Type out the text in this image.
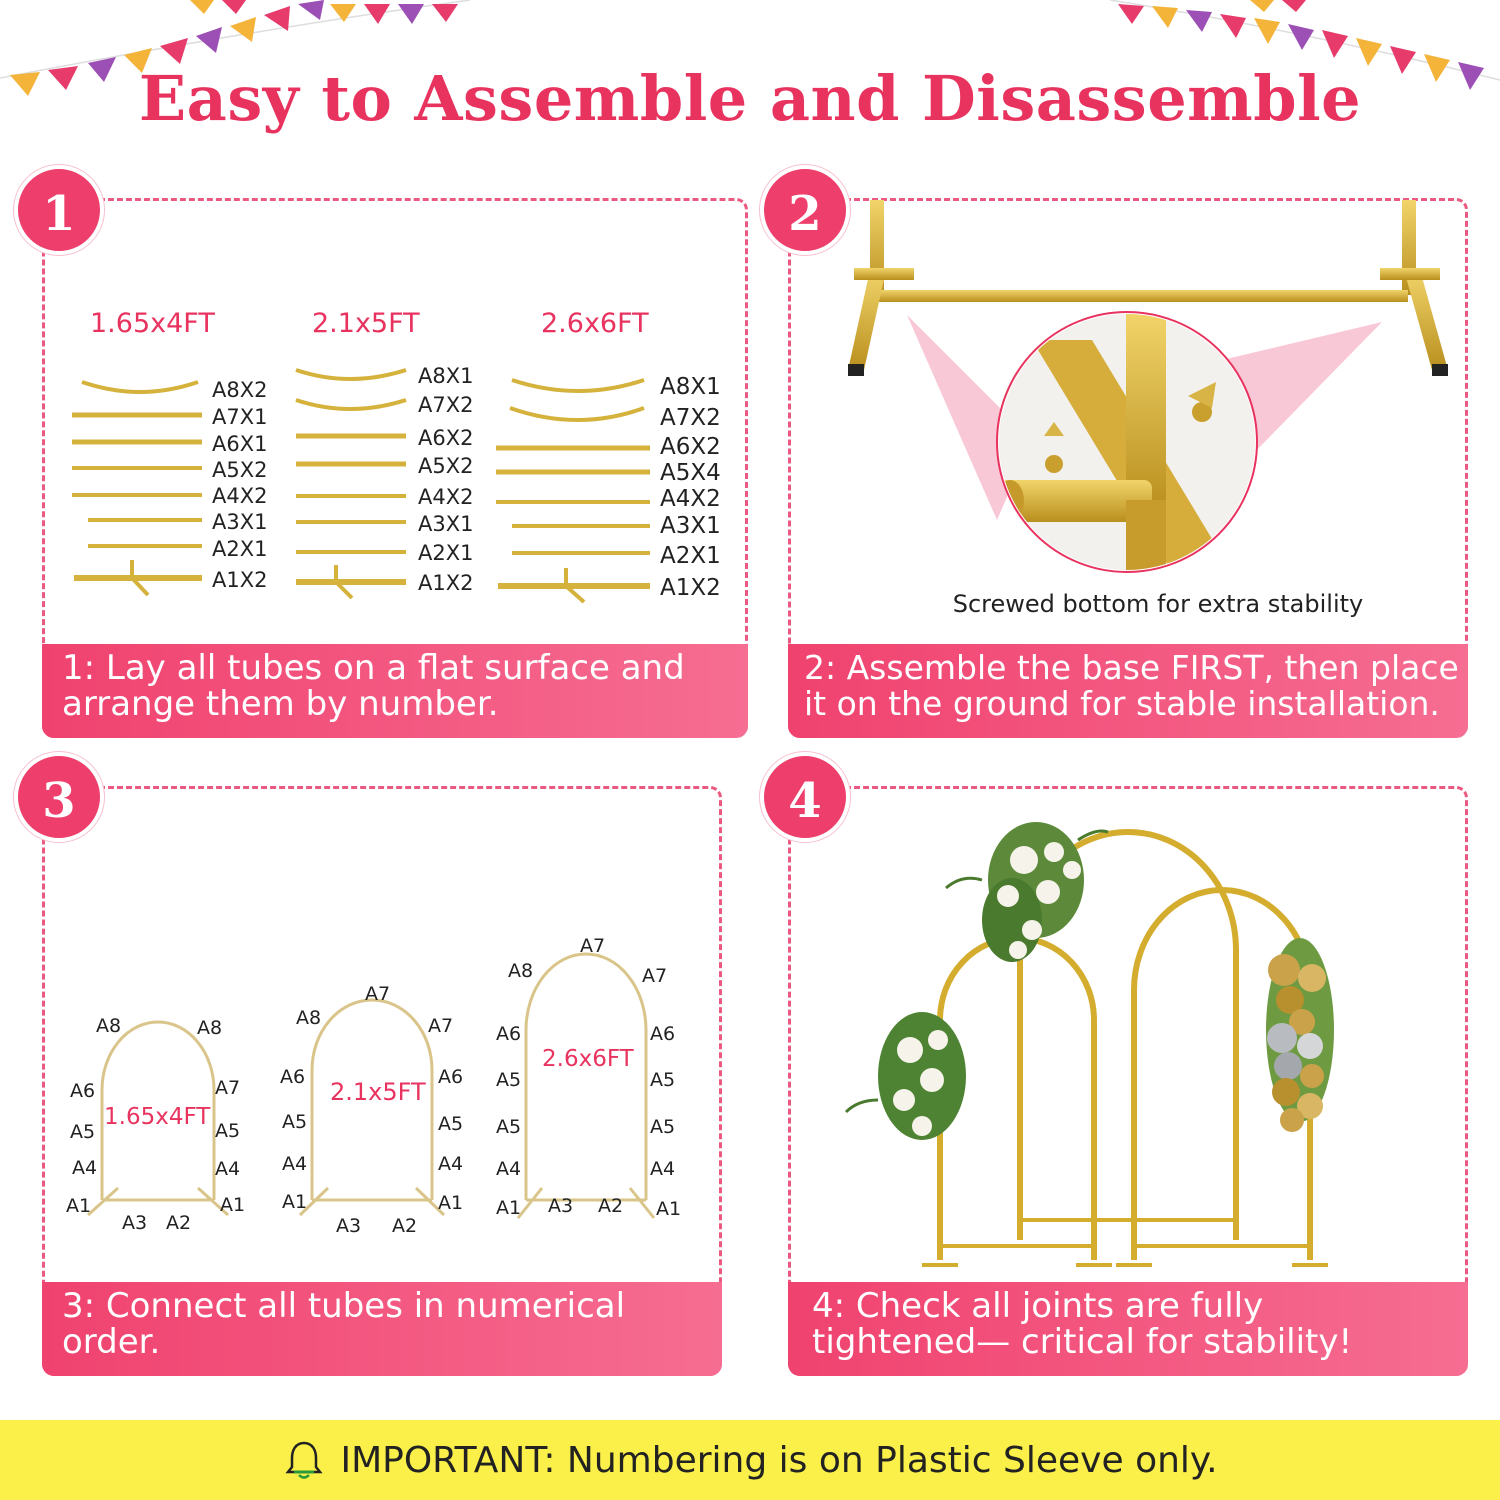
Easy to Assemble and Disassemble
1.65x4FT
A8X2
A7X1
A6X1
A5X2
A4X2
A3X1
A2X1
A1X2
2.1x5FT
A8X1
A7X2
A6X2
A5X2
A4X2
A3X1
A2X1
A1X2
2.6x6FT
A8X1
A7X2
A6X2
A5X4
A4X2
A3X1
A2X1
A1X2
Screwed bottom for extra stability
A8	A8
A6	A7
A5	A5
A4	A4
A1	A1
A3 A2
1.65x4FT
A8
A7
A7
A6	A6
A5	A5
A4	A4
A1	A1
A3 A2
2.1x5FT
A8
A7
A7
A6	A6
A5	A5
A5	A5
A4	A4
A1	A1
A3 A2
2.6x6FT
1	2
3	4
1: Lay all tubes on a flat surface and
arrange them by number.
2: Assemble the base FIRST, then place
it on the ground for stable installation.
3: Connect all tubes in numerical
order.
4: Check all joints are fully
tightened— critical for stability!
IMPORTANT: Numbering is on Plastic Sleeve only.
